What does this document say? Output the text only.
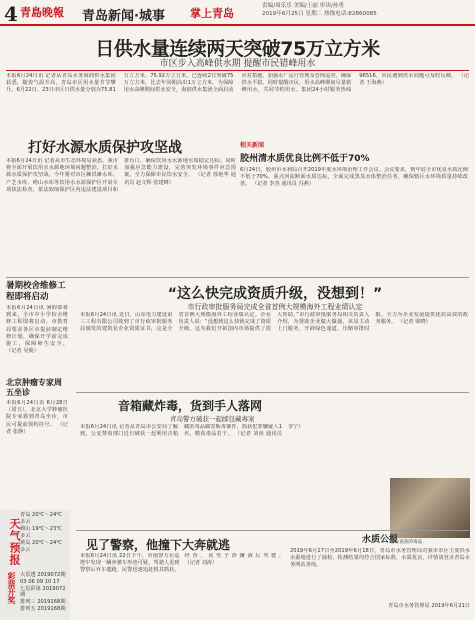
4 青島晚報 青岛新闻·城事 掌上青岛
责编/周乐乐 美编/王丽 审读/孙勇
2019年6月25日 星期二 热线电话:82860085
日供水量连续两天突破75万立方米
市区步入高峰供水期 提醒市民错峰用水
本报6月24日讯 记者从青岛水务海润供水集团获悉，随着气温升高，青岛市区用水量节节攀升。6月22日、23日市区日供水量分别为75.81万立方米、75.92万立方米，已连续2日突破75万立方米，比去年同期高出1万立方米。为保障用水高峰期间供水安全，海润供水集团全面启动应对措施，加强水厂运行管理及管网巡查，确保供水平稳。同时提醒市民，用水高峰期间尽量错峰用水，共同节约用水。集团24小时服务热线96516，市民遇到供水问题可及时反映。 （记者 王海燕）
打好水源水质保护攻坚战
本报6月24日讯 记者从市生态环境局获悉，我市将全面开展饮用水水源地环境问题整治，打好水源水质保护攻坚战。今年将对市区棘洪滩水库、产芝水库、崂山水库等饮用水水源保护区开展专项执法检查，依法取缔保护区内违法建设项目和排污口，确保饮用水水源地水质稳定达标。同时加强应急能力建设，完善突发环境事件应急预案，全力保障市民饮水安全。 （记者 徐艳华 通讯员 赵文辉 张建峰）
相关新闻
胶州清水质优良比例不低于70%
6月24日，胶州市水利局召开2019年度水环境治理工作会议。会议要求，到年底全市优良水质比例不低于70%，重点河流断面水质达标，全面完成黑臭水体整治任务，确保辖区水环境质量持续改善。 （记者 李杰 通讯员 冯燕）
暑期校舍维修工程即将启动
本报6月24日讯 暑假即将到来，全市中小学校舍维修工程即将启动。市教育局要求各区市提前制定维修计划，确保开学前完成施工，保障师生安全。 （记者 吴俊）
北京肿瘤专家周五坐诊
本报6月24日讯 6月28日（周五），北京大学肿瘤医院专家将到青岛坐诊，市民可提前预约挂号。 （记者 张静）
“这么快完成资质升级，没想到！”
市行政审批服务局完成全省首例大规模海外工程业绩认定
本报6月24日讯 近日，山东电力建设第三工程有限公司收到了市行政审批服务局颁发的建筑业企业资质证书，这是全省首例大规模海外工程业绩认定。企业负责人说：“没想到这么快就完成了资质升级，这为我们开拓国内市场提供了很大帮助。”市行政审批服务局相关负责人介绍，为帮助企业做大做强，该局主动上门服务，开辟绿色通道，压缩审批时限，全力为企业发展提供优质高效的政务服务。 （记者 梁晓）
音箱藏炸毒，货到手人落网
青岛警方破获一起邮包藏毒案
本报6月24日讯 记者从青岛市公安局了解到，公安禁毒部门近日破获一起利用音箱藏匿毒品邮寄贩毒案件，抓获犯罪嫌疑人1名，缴获毒品若干。 （记者 刘涛 通讯员 李宁）
警方查获的毒品
见了警察，他撞下大奔就逃
本报6月24日讯 22日下午，市南警方在巡逻中发现一辆奔驰车形迹可疑，驾驶人见到警察后弃车逃跑，民警迅速追赶将其抓获。经查，该男子涉嫌酒后驾驶。 （记者 刘涛）
水质公报
2019年6月17日至2019年6月18日，青岛市水务管理局对我市市区主要供水水源地进行了抽检，检测结果均符合国家标准，水质优良，详情请登录青岛水务网站查询。
青岛市水务管理局 2019年6月21日
天气预报
青岛 20℃～24℃
多云
崂山 19℃～23℃
多云
黄岛 20℃～24℃
多云
彩票开奖 大乐透 2019072期
03 06 09 10 17
七星彩第 2019072期
排列三 2019168期
排列五 2019168期
